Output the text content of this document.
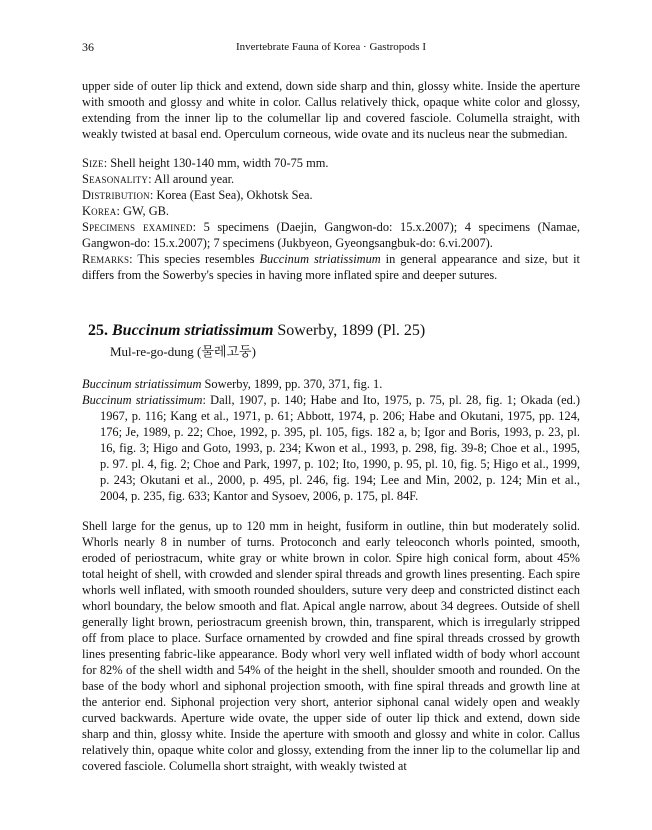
36	Invertebrate Fauna of Korea · Gastropods I

upper side of outer lip thick and extend, down side sharp and thin, glossy white. Inside the aperture with smooth and glossy and white in color. Callus relatively thick, opaque white color and glossy, extending from the inner lip to the columellar lip and covered fasciole. Columella straight, with weakly twisted at basal end. Operculum corneous, wide ovate and its nucleus near the submedian.

Size: Shell height 130-140 mm, width 70-75 mm.

Seasonality: All around year.

Distribution: Korea (East Sea), Okhotsk Sea.

Korea: GW, GB.

Specimens examined: 5 specimens (Daejin, Gangwon-do: 15.x.2007); 4 specimens (Namae, Gangwon-do: 15.x.2007); 7 specimens (Jukbyeon, Gyeongsangbuk-do: 6.vi.2007).

Remarks: This species resembles Buccinum striatissimum in general appearance and size, but it differs from the Sowerby's species in having more inflated spire and deeper sutures.

25. Buccinum striatissimum Sowerby, 1899 (Pl. 25)
Mul-re-go-dung (물레고둥)

Buccinum striatissimum Sowerby, 1899, pp. 370, 371, fig. 1.

Buccinum striatissimum: Dall, 1907, p. 140; Habe and Ito, 1975, p. 75, pl. 28, fig. 1; Okada (ed.) 1967, p. 116; Kang et al., 1971, p. 61; Abbott, 1974, p. 206; Habe and Okutani, 1975, pp. 124, 176; Je, 1989, p. 22; Choe, 1992, p. 395, pl. 105, figs. 182 a, b; Igor and Boris, 1993, p. 23, pl. 16, fig. 3; Higo and Goto, 1993, p. 234; Kwon et al., 1993, p. 298, fig. 39-8; Choe et al., 1995, p. 97. pl. 4, fig. 2; Choe and Park, 1997, p. 102; Ito, 1990, p. 95, pl. 10, fig. 5; Higo et al., 1999, p. 243; Okutani et al., 2000, p. 495, pl. 246, fig. 194; Lee and Min, 2002, p. 124; Min et al., 2004, p. 235, fig. 633; Kantor and Sysoev, 2006, p. 175, pl. 84F.

Shell large for the genus, up to 120 mm in height, fusiform in outline, thin but moderately solid. Whorls nearly 8 in number of turns. Protoconch and early teleoconch whorls pointed, smooth, eroded of periostracum, white gray or white brown in color. Spire high conical form, about 45% total height of shell, with crowded and slender spiral threads and growth lines presenting. Each spire whorls well inflated, with smooth rounded shoulders, suture very deep and constricted distinct each whorl boundary, the below smooth and flat. Apical angle narrow, about 34 degrees. Outside of shell generally light brown, periostracum greenish brown, thin, transparent, which is irregularly stripped off from place to place. Surface ornamented by crowded and fine spiral threads crossed by growth lines presenting fabric-like appearance. Body whorl very well inflated width of body whorl account for 82% of the shell width and 54% of the height in the shell, shoulder smooth and rounded. On the base of the body whorl and siphonal projection smooth, with fine spiral threads and growth line at the anterior end. Siphonal projection very short, anterior siphonal canal widely open and weakly curved backwards. Aperture wide ovate, the upper side of outer lip thick and extend, down side sharp and thin, glossy white. Inside the aperture with smooth and glossy and white in color. Callus relatively thin, opaque white color and glossy, extending from the inner lip to the columellar lip and covered fasciole. Columella short straight, with weakly twisted at
